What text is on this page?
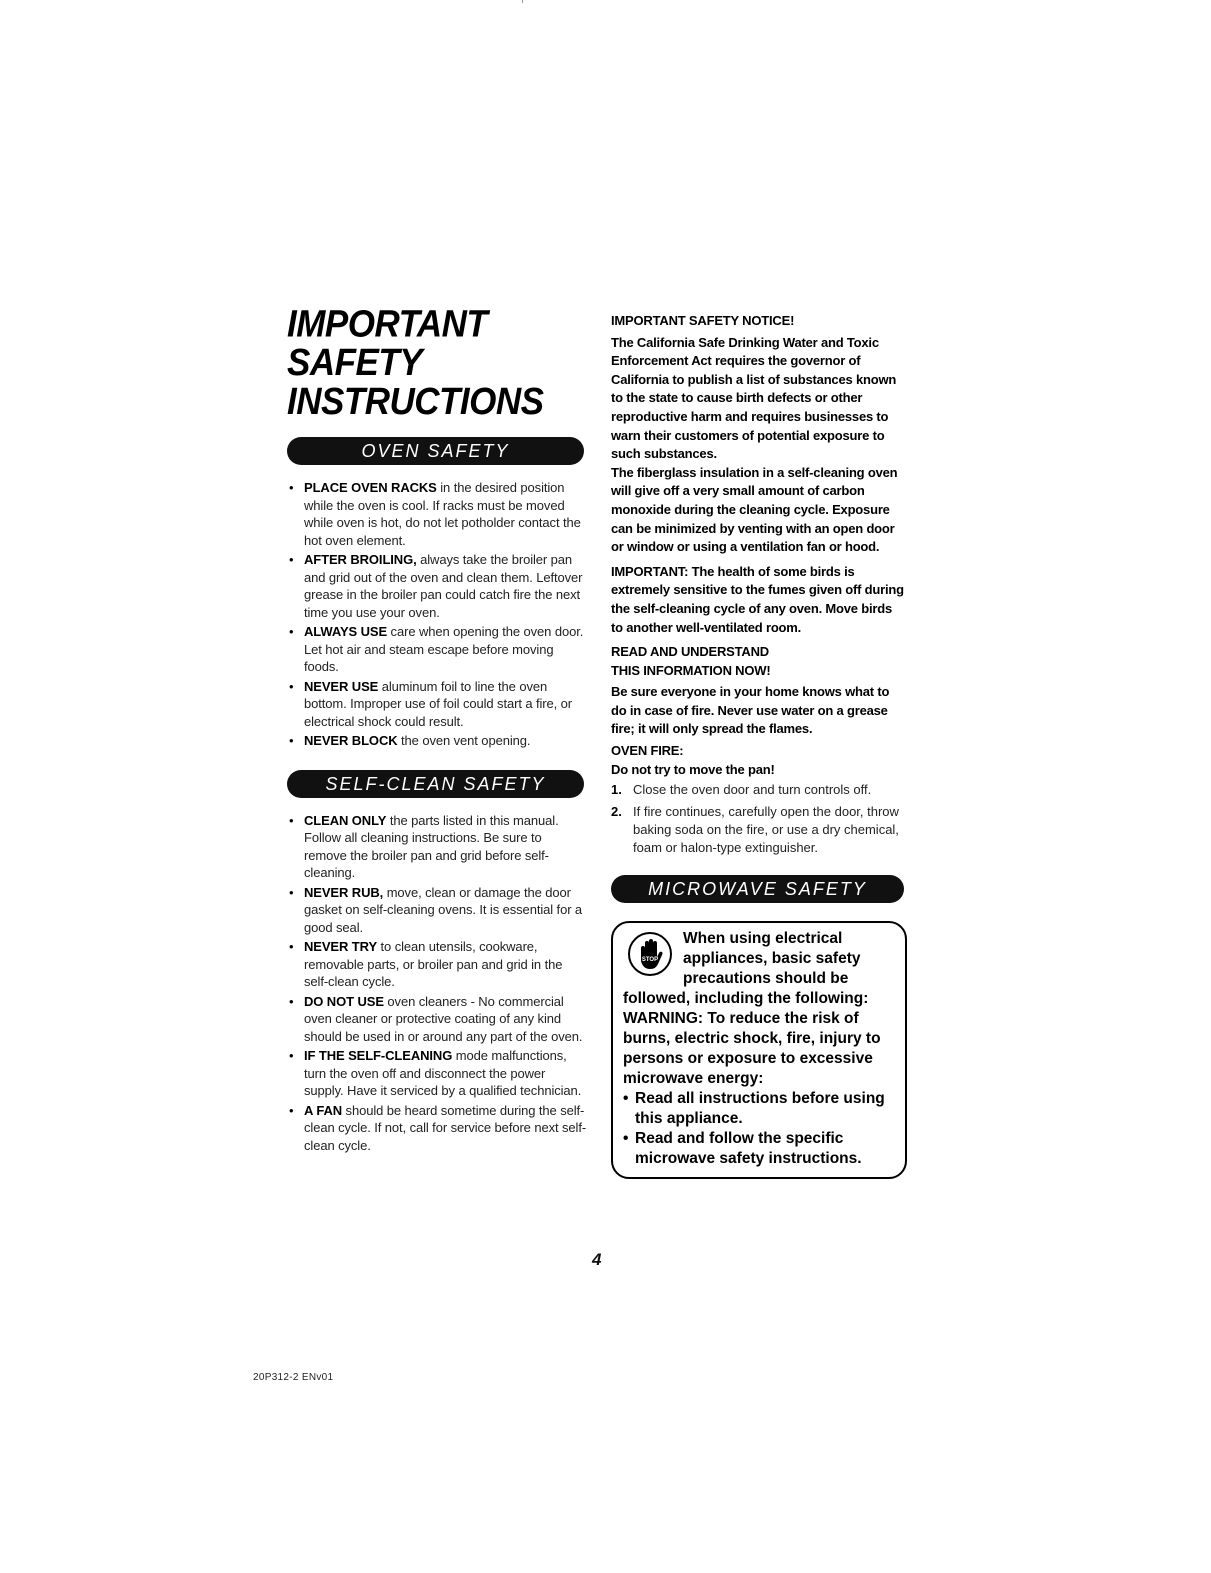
IMPORTANT SAFETY
INSTRUCTIONS
OVEN SAFETY
• PLACE OVEN RACKS in the desired position while the oven is cool. If racks must be moved while oven is hot, do not let potholder contact the hot oven element.
• AFTER BROILING, always take the broiler pan and grid out of the oven and clean them. Leftover grease in the broiler pan could catch fire the next time you use your oven.
• ALWAYS USE care when opening the oven door. Let hot air and steam escape before moving foods.
• NEVER USE aluminum foil to line the oven bottom. Improper use of foil could start a fire, or electrical shock could result.
• NEVER BLOCK the oven vent opening.
SELF-CLEAN SAFETY
• CLEAN ONLY the parts listed in this manual. Follow all cleaning instructions. Be sure to remove the broiler pan and grid before self-cleaning.
• NEVER RUB, move, clean or damage the door gasket on self-cleaning ovens. It is essential for a good seal.
• NEVER TRY to clean utensils, cookware, removable parts, or broiler pan and grid in the self-clean cycle.
• DO NOT USE oven cleaners - No commercial oven cleaner or protective coating of any kind should be used in or around any part of the oven.
• IF THE SELF-CLEANING mode malfunctions, turn the oven off and disconnect the power supply. Have it serviced by a qualified technician.
• A FAN should be heard sometime during the self-clean cycle. If not, call for service before next self-clean cycle.

IMPORTANT SAFETY NOTICE!

The California Safe Drinking Water and Toxic Enforcement Act requires the governor of California to publish a list of substances known to the state to cause birth defects or other reproductive harm and requires businesses to warn their customers of potential exposure to such substances.

The fiberglass insulation in a self-cleaning oven will give off a very small amount of carbon monoxide during the cleaning cycle. Exposure can be minimized by venting with an open door or window or using a ventilation fan or hood.

IMPORTANT: The health of some birds is extremely sensitive to the fumes given off during the self-cleaning cycle of any oven. Move birds to another well-ventilated room.

READ AND UNDERSTAND
THIS INFORMATION NOW!

Be sure everyone in your home knows what to do in case of fire. Never use water on a grease fire; it will only spread the flames.

OVEN FIRE:

Do not try to move the pan!

1. Close the oven door and turn controls off.
2. If fire continues, carefully open the door, throw baking soda on the fire, or use a dry chemical, foam or halon-type extinguisher.
MICROWAVE SAFETY
STOP
When using electrical appliances, basic safety precautions should be
followed, including the following: WARNING: To reduce the risk of burns, electric shock, fire, injury to persons or exposure to excessive microwave energy:
• Read all instructions before using this appliance.
• Read and follow the specific microwave safety instructions.
4
20P312-2 ENv01
